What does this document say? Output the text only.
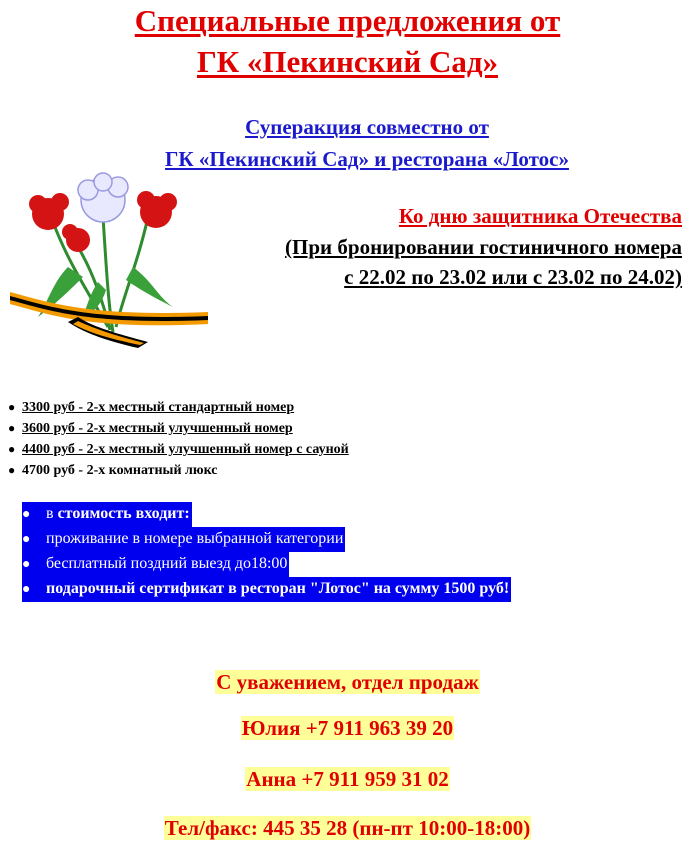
Специальные предложения от
ГК «Пекинский Сад»
Суперакция совместно от
ГК «Пекинский Сад» и ресторана «Лотос»
Ко дню защитника Отечества
(При бронировании гостиничного номера
с 22.02 по 23.02 или с 23.02 по 24.02)
● 3300 руб - 2-х местный стандартный номер
● 3600 руб - 2-х местный улучшенный номер
● 4400 руб - 2-х местный улучшенный номер с сауной
● 4700 руб - 2-х комнатный люкс
● в стоимость входит:
● проживание в номере выбранной категории
● бесплатный поздний выезд до18:00
● подарочный сертификат в ресторан "Лотос" на сумму 1500 руб!
С уважением, отдел продаж
Юлия +7 911 963 39 20
Анна +7 911 959 31 02
Тел/факс: 445 35 28 (пн-пт 10:00-18:00)
